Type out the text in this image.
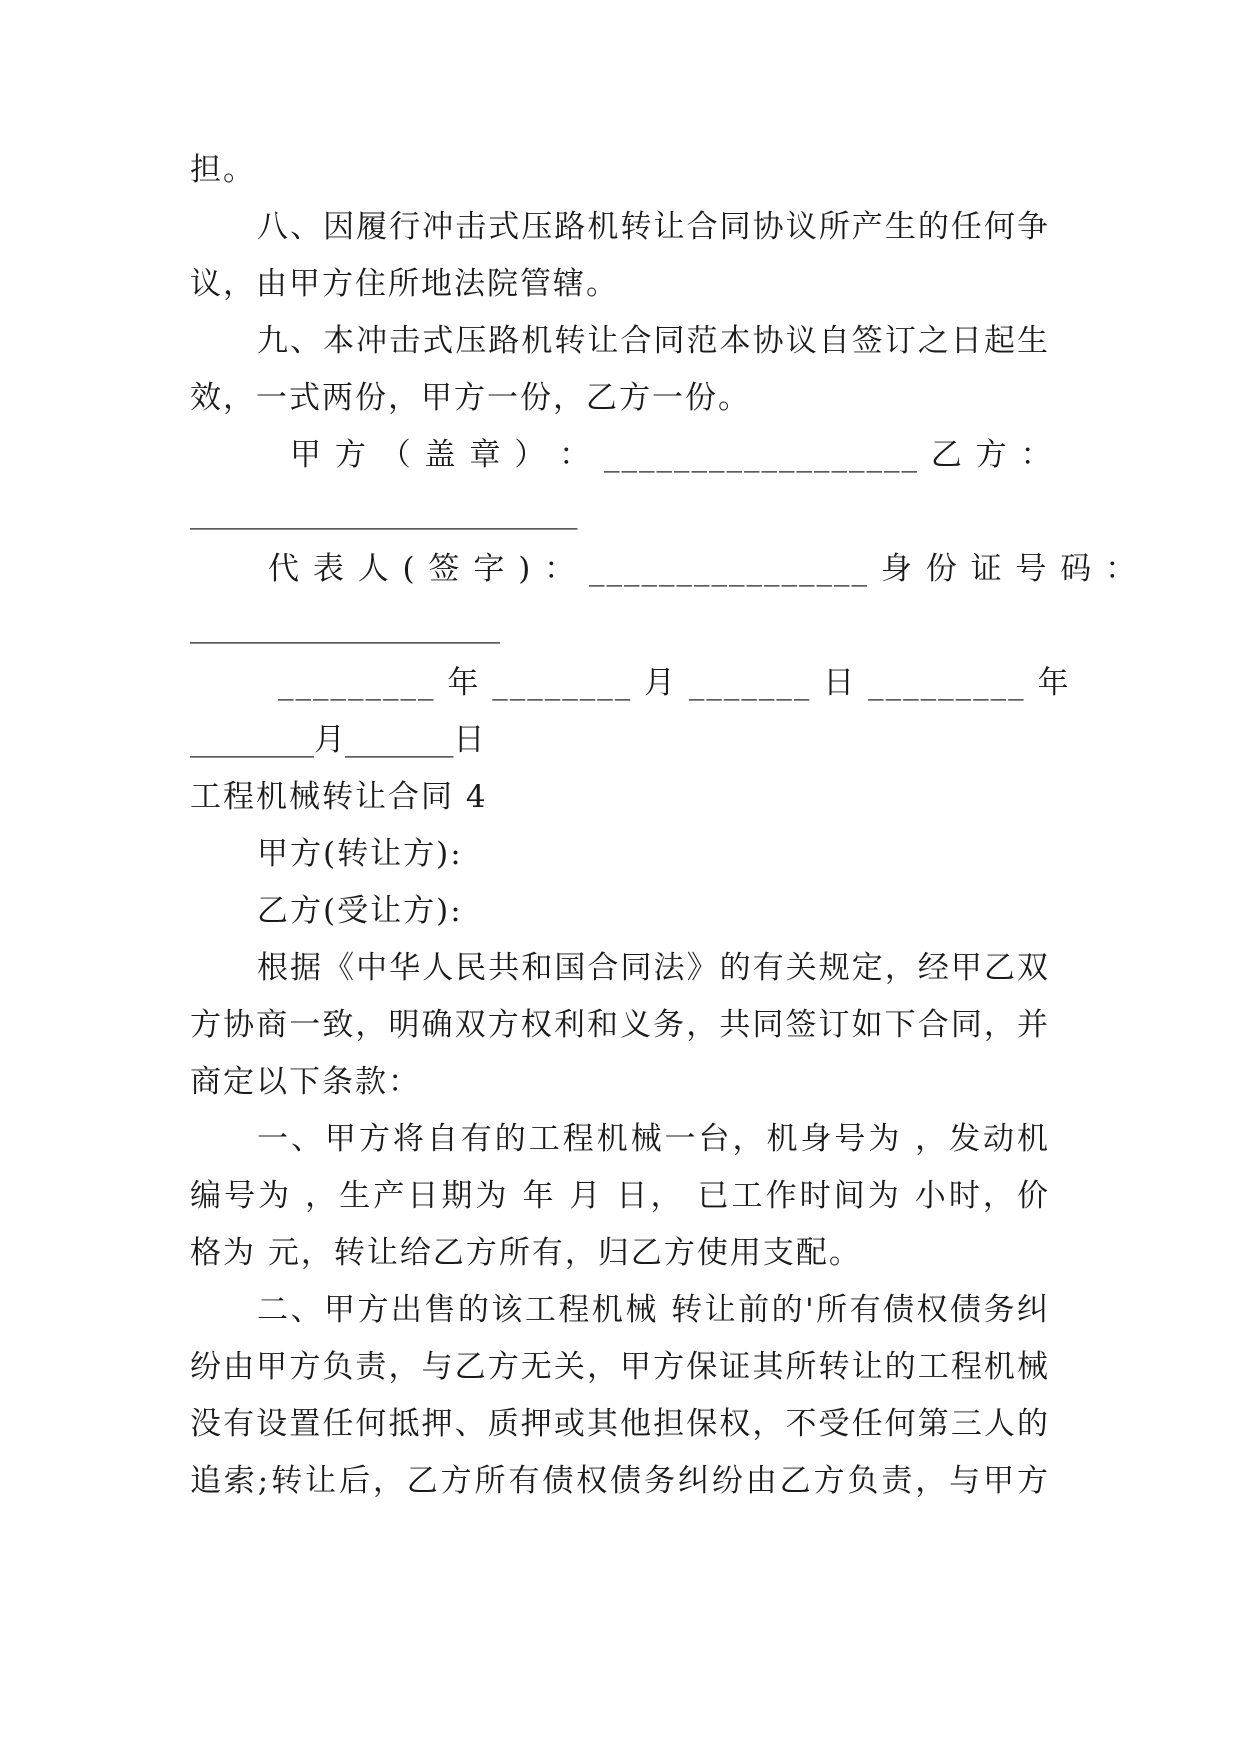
担。
八、因履行冲击式压路机转让合同协议所产生的任何争
议，由甲方住所地法院管辖。
九、本冲击式压路机转让合同范本协议自签订之日起生
效，一式两份，甲方一份，乙方一份。
甲 方 （ 盖 章 ） ： __________________ 乙 方 ：
_________________________
代 表 人 ( 签 字 ) ： ________________ 身 份 证 号 码 ：
____________________
_________ 年 ________ 月 _______ 日 _________ 年
________月_______日
工程机械转让合同 4
甲方(转让方):
乙方(受让方):
根据《中华人民共和国合同法》的有关规定，经甲乙双
方协商一致，明确双方权利和义务，共同签订如下合同，并
商定以下条款：
一、甲方将自有的工程机械一台，机身号为 ，发动机
编号为 ，生产日期为 年 月 日， 已工作时间为 小时，价
格为 元，转让给乙方所有，归乙方使用支配。
二、甲方出售的该工程机械 转让前的'所有债权债务纠
纷由甲方负责，与乙方无关，甲方保证其所转让的工程机械
没有设置任何抵押、质押或其他担保权，不受任何第三人的
追索;转让后，乙方所有债权债务纠纷由乙方负责，与甲方
